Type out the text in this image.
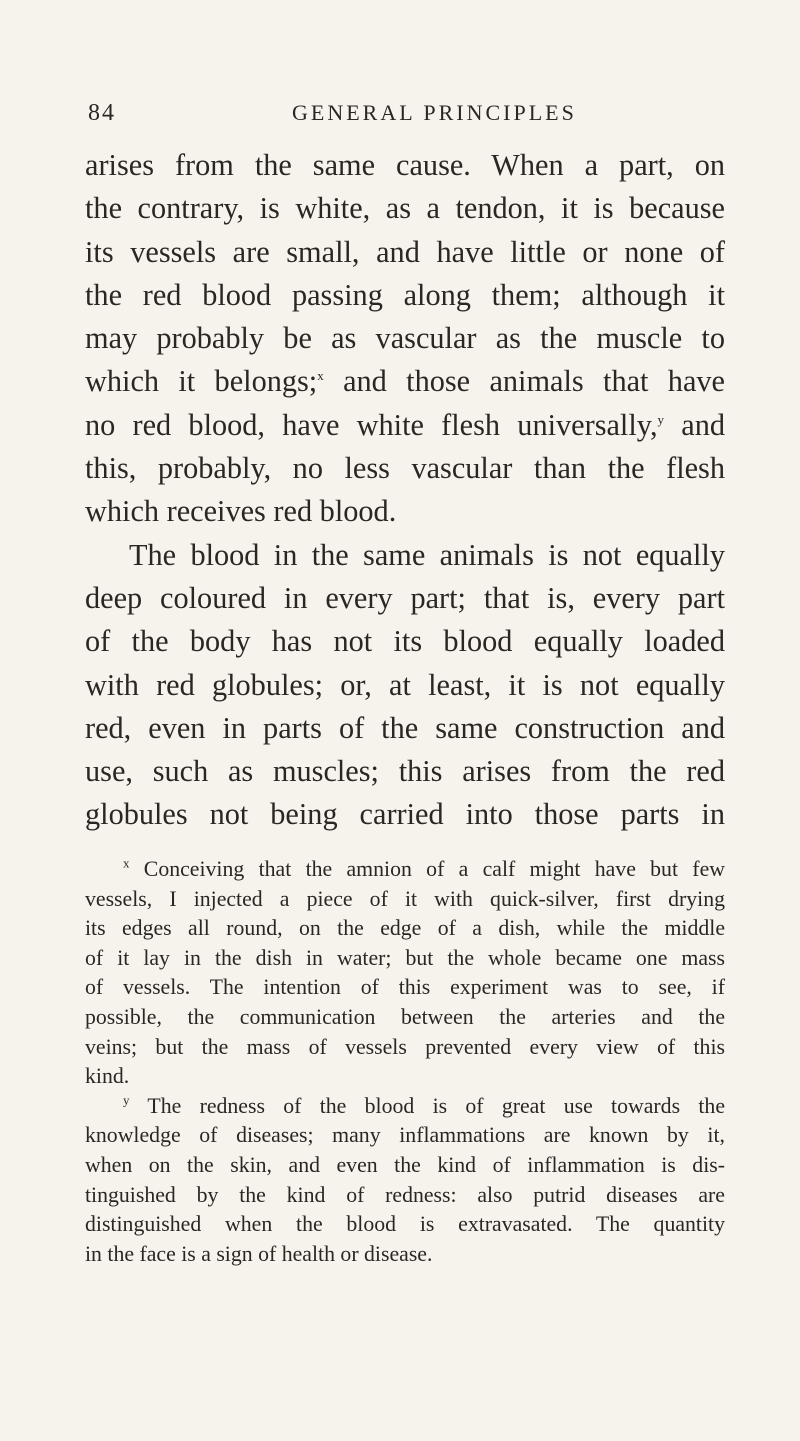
84	GENERAL PRINCIPLES

arises from the same cause. When a part, on
the contrary, is white, as a tendon, it is because
its vessels are small, and have little or none of
the red blood passing along them; although it
may probably be as vascular as the muscle to
which it belongs;$^x$ and those animals that have
no red blood, have white flesh universally,$^y$ and
this, probably, no less vascular than the flesh
which receives red blood.

The blood in the same animals is not equally
deep coloured in every part; that is, every part
of the body has not its blood equally loaded
with red globules; or, at least, it is not equally
red, even in parts of the same construction and
use, such as muscles; this arises from the red
globules not being carried into those parts in

$^x$ Conceiving that the amnion of a calf might have but few
vessels, I injected a piece of it with quick-silver, first drying
its edges all round, on the edge of a dish, while the middle
of it lay in the dish in water; but the whole became one mass
of vessels. The intention of this experiment was to see, if
possible, the communication between the arteries and the
veins; but the mass of vessels prevented every view of this
kind.

$^y$ The redness of the blood is of great use towards the
knowledge of diseases; many inflammations are known by it,
when on the skin, and even the kind of inflammation is dis-
tinguished by the kind of redness: also putrid diseases are
distinguished when the blood is extravasated. The quantity
in the face is a sign of health or disease.
